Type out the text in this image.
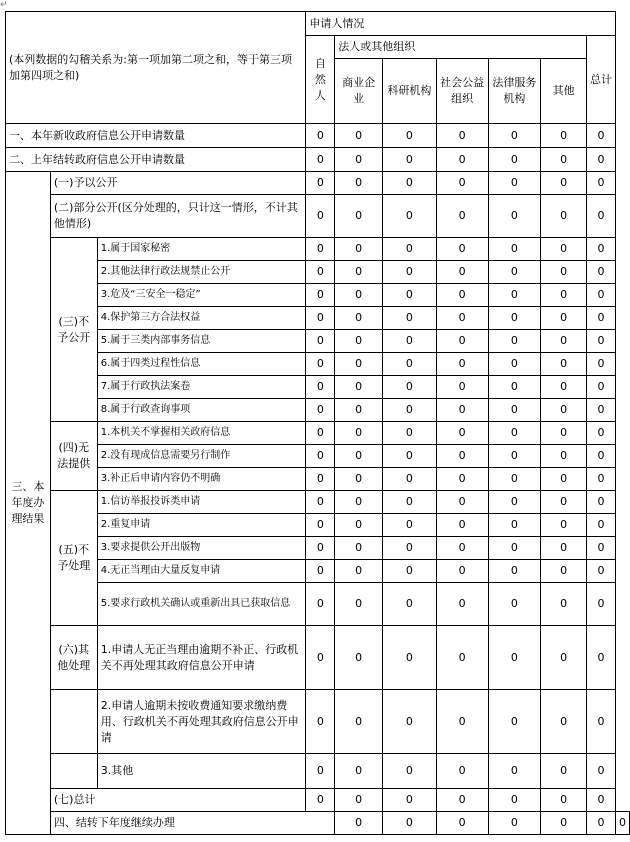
↵
(本列数据的勾稽关系为:第一项加第二项之和，等于第三项加第四项之和)			申请人情况							
			自然人	法人或其他组织					总计	
				商业企业	科研机构	社会公益组织	法律服务机构	其他		
一、本年新收政府信息公开申请数量			0	0	0	0	0	0	0	
二、上年结转政府信息公开申请数量			0	0	0	0	0	0	0	
三、本年度办理结果	(一)予以公开		0	0	0	0	0	0	0	
	(二)部分公开(区分处理的，只计这一情形，不计其他情形)		0	0	0	0	0	0	0	
	(三)不予公开	1.属于国家秘密	0	0	0	0	0	0	0	
		2.其他法律行政法规禁止公开	0	0	0	0	0	0	0	
		3.危及“三安全一稳定”	0	0	0	0	0	0	0	
		4.保护第三方合法权益	0	0	0	0	0	0	0	
		5.属于三类内部事务信息	0	0	0	0	0	0	0	
		6.属于四类过程性信息	0	0	0	0	0	0	0	
		7.属于行政执法案卷	0	0	0	0	0	0	0	
		8.属于行政查询事项	0	0	0	0	0	0	0	
	(四)无法提供	1.本机关不掌握相关政府信息	0	0	0	0	0	0	0	
		2.没有现成信息需要另行制作	0	0	0	0	0	0	0	
		3.补正后申请内容仍不明确	0	0	0	0	0	0	0	
	(五)不予处理	1.信访举报投诉类申请	0	0	0	0	0	0	0	
		2.重复申请	0	0	0	0	0	0	0	
		3.要求提供公开出版物	0	0	0	0	0	0	0	
		4.无正当理由大量反复申请	0	0	0	0	0	0	0	
		5.要求行政机关确认或重新出具已获取信息	0	0	0	0	0	0	0	
	(六)其他处理	1.申请人无正当理由逾期不补正、行政机关不再处理其政府信息公开申请	0	0	0	0	0	0	0	
		2.申请人逾期未按收费通知要求缴纳费用、行政机关不再处理其政府信息公开申请	0	0	0	0	0	0	0	
		3.其他	0	0	0	0	0	0	0	
	(七)总计		0	0	0	0	0	0	0	
	四、结转下年度继续办理			0	0	0	0	0	0	0
